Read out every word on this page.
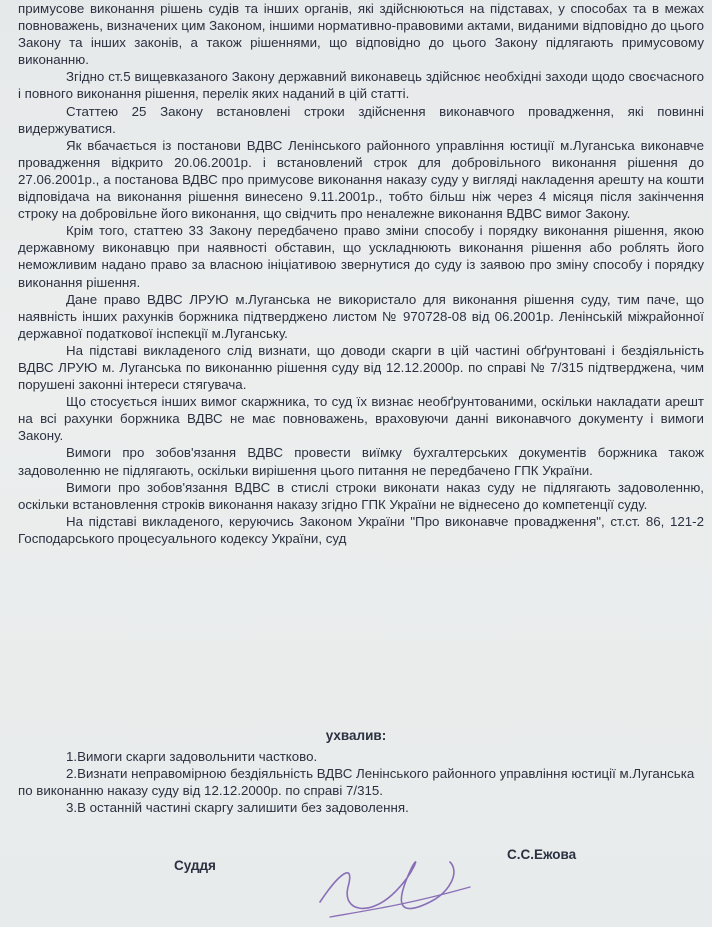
примусове виконання рішень судів та інших органів, які здійснюються на підставах, у способах та в межах повноважень, визначених цим Законом, іншими нормативно-правовими актами, виданими відповідно до цього Закону та інших законів, а також рішеннями, що відповідно до цього Закону підлягають примусовому виконанню.

Згідно ст.5 вищевказаного Закону державний виконавець здійснює необхідні заходи щодо своєчасного і повного виконання рішення, перелік яких наданий в цій статті.

Статтею 25 Закону встановлені строки здійснення виконавчого провадження, які повинні видержуватися.

Як вбачається із постанови ВДВС Ленінського районного управління юстиції м.Луганська виконавче провадження відкрито 20.06.2001р. і встановлений строк для добровільного виконання рішення до 27.06.2001р., а постанова ВДВС про примусове виконання наказу суду у вигляді накладення арешту на кошти відповідача на виконання рішення винесено 9.11.2001р., тобто більш ніж через 4 місяця після закінчення строку на добровільне його виконання, що свідчить про неналежне виконання ВДВС вимог Закону.

Крім того, статтею 33 Закону передбачено право зміни способу і порядку виконання рішення, якою державному виконавцю при наявності обставин, що ускладнюють виконання рішення або роблять його неможливим надано право за власною ініціативою звернутися до суду із заявою про зміну способу і порядку виконання рішення.

Дане право ВДВС ЛРУЮ м.Луганська не використало для виконання рішення суду, тим паче, що наявність інших рахунків боржника підтверджено листом № 970728-08 від 06.2001р. Ленінській міжрайонної державної податкової інспекції м.Луганську.

На підставі викладеного слід визнати, що доводи скарги в цій частині обґрунтовані і бездіяльність ВДВС ЛРУЮ м. Луганська по виконанню рішення суду від 12.12.2000р. по справі № 7/315 підтверджена, чим порушені законні інтереси стягувача.

Що стосується інших вимог скаржника, то суд їх визнає необґрунтованими, оскільки накладати арешт на всі рахунки боржника ВДВС не має повноважень, враховуючи данні виконавчого документу і вимоги Закону.

Вимоги про зобов'язання ВДВС провести виїмку бухгалтерських документів боржника також задоволенню не підлягають, оскільки вирішення цього питання не передбачено ГПК України.

Вимоги про зобов'язання ВДВС в стислі строки виконати наказ суду не підлягають задоволенню, оскільки встановлення строків виконання наказу згідно ГПК України не віднесено до компетенції суду.

На підставі викладеного, керуючись Законом України "Про виконавче провадження", ст.ст. 86, 121-2 Господарського процесуального кодексу України, суд

ухвалив:

1.Вимоги скарги задовольнити частково.

2.Визнати неправомірною бездіяльність ВДВС Ленінського районного управління юстиції м.Луганська по виконанню наказу суду від 12.12.2000р. по справі 7/315.

3.В останній частині скаргу залишити без задоволення.

Суддя
С.С.Ежова
